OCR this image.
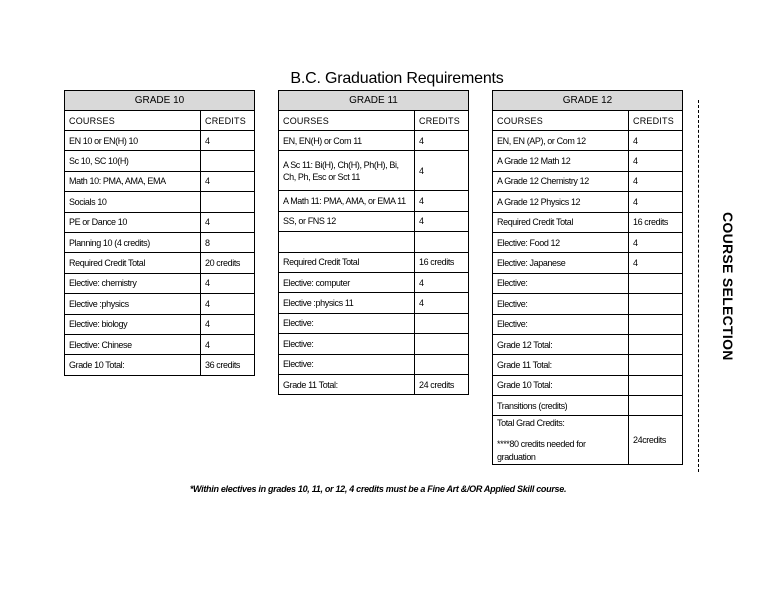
B.C. Graduation Requirements
GRADE 10	
COURSES	CREDITS
EN 10 or EN(H) 10	4
Sc 10, SC 10(H)	
Math 10: PMA, AMA, EMA	4
Socials 10	
PE or Dance 10	4
Planning 10 (4 credits)	8
Required Credit Total	20 credits
Elective: chemistry	4
Elective :physics	4
Elective: biology	4
Elective: Chinese	4
Grade 10 Total:	36 credits
GRADE 11	
COURSES	CREDITS
EN, EN(H) or Com 11	4
A Sc 11: Bi(H), Ch(H), Ph(H), Bi, Ch, Ph, Esc or Sct 11	4
A Math 11: PMA, AMA, or EMA 11	4
SS, or FNS 12	4

Required Credit Total	16 credits
Elective: computer	4
Elective :physics 11	4
Elective:	
Elective:	
Elective:	
Grade 11 Total:	24 credits
GRADE 12	
COURSES	CREDITS
EN, EN (AP), or Com 12	4
A Grade 12 Math 12	4
A Grade 12 Chemistry 12	4
A Grade 12 Physics 12	4
Required Credit Total	16 credits
Elective: Food 12	4
Elective: Japanese	4
Elective:	
Elective:	
Elective:	
Grade 12 Total:	
Grade 11 Total:	
Grade 10 Total:	
Transitions (credits)	

Total Grad Credits:
****80 credits needed for graduation	24credits
COURSE SELECTION
*Within electives in grades 10, 11, or 12, 4 credits must be a Fine Art &/OR Applied Skill course.
